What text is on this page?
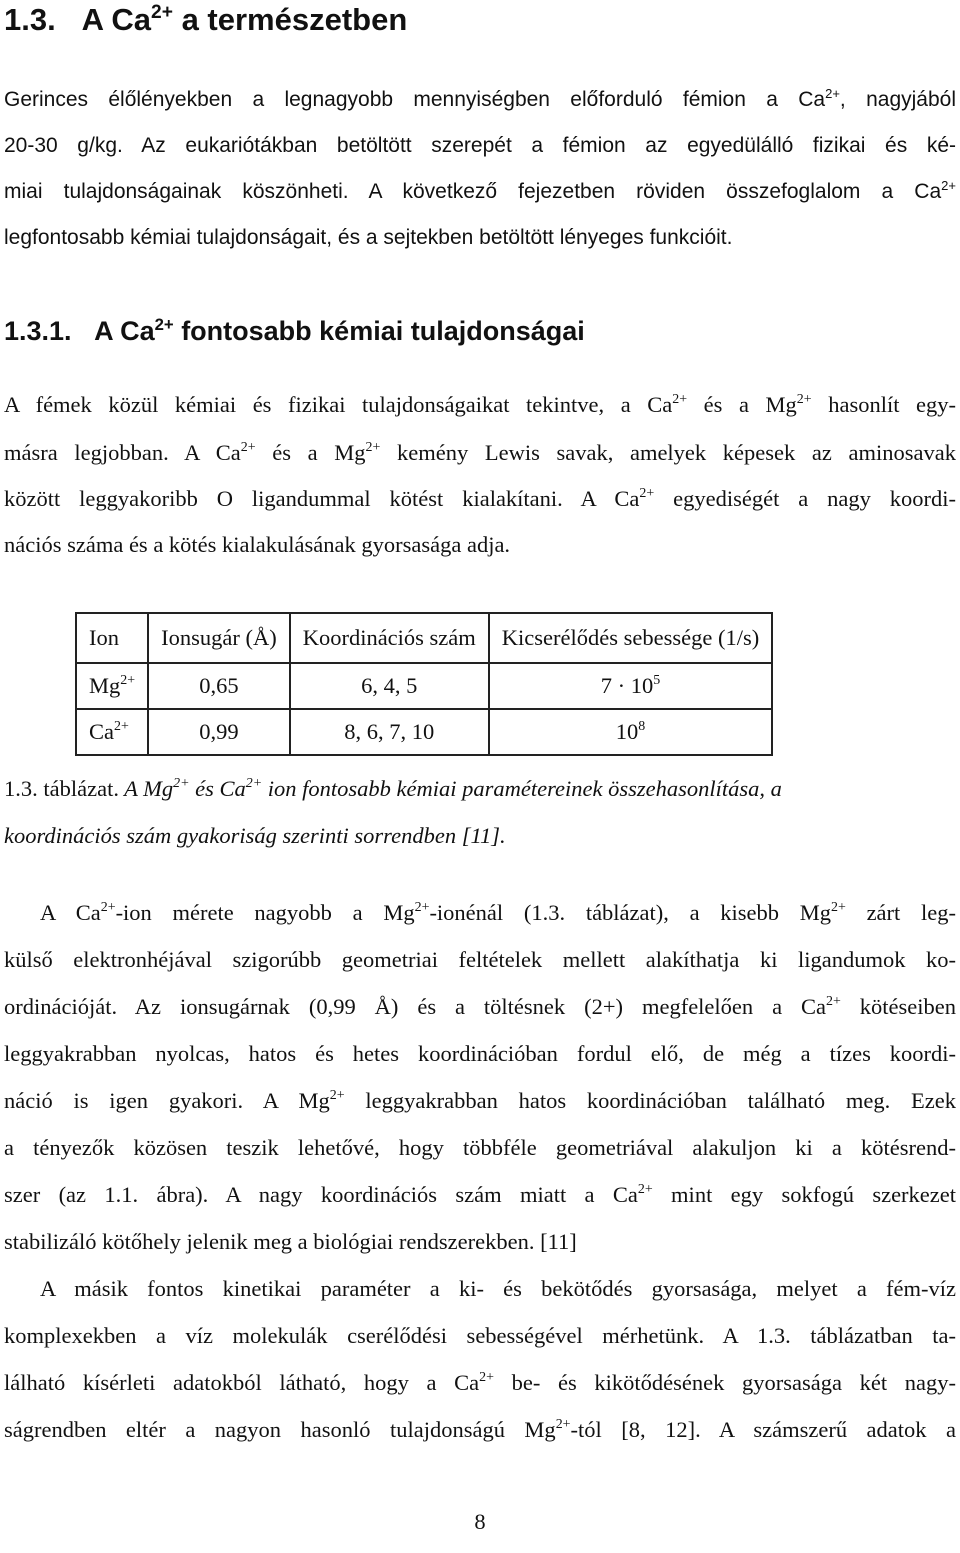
1.3. A $Ca^{2+}$ a természetben
Gerinces élőlényekben a legnagyobb mennyiségben előforduló fémion a $Ca^{2+}$, nagyjából
20-30 g/kg. Az eukariótákban betöltött szerepét a fémion az egyedülálló fizikai és ké-
miai tulajdonságainak köszönheti. A következő fejezetben röviden összefoglalom a $Ca^{2+}$
legfontosabb kémiai tulajdonságait, és a sejtekben betöltött lényeges funkcióit.
1.3.1. A $Ca^{2+}$ fontosabb kémiai tulajdonságai
A fémek közül kémiai és fizikai tulajdonságaikat tekintve, a $Ca^{2+}$ és a $Mg^{2+}$ hasonlít egy-
másra legjobban. A $Ca^{2+}$ és a $Mg^{2+}$ kemény Lewis savak, amelyek képesek az aminosavak
között leggyakoribb O ligandummal kötést kialakítani. A $Ca^{2+}$ egyediségét a nagy koordi-
nációs száma és a kötés kialakulásának gyorsasága adja.
Ion	Ionsugár (Å)	Koordinációs szám	Kicserélődés sebessége (1/s)
$Mg^{2+}$	0,65	6, 4, 5	$7 \cdot 10^5$
$Ca^{2+}$	0,99	8, 6, 7, 10	$10^8$
1.3. táblázat. A $Mg^{2+}$ és $Ca^{2+}$ ion fontosabb kémiai paramétereinek összehasonlítása, a
koordinációs szám gyakoriság szerinti sorrendben [11].
A $Ca^{2+}$-ion mérete nagyobb a $Mg^{2+}$-ionénál (1.3. táblázat), a kisebb $Mg^{2+}$ zárt leg-
külső elektronhéjával szigorúbb geometriai feltételek mellett alakíthatja ki ligandumok ko-
ordinációját. Az ionsugárnak (0,99 Å) és a töltésnek (2+) megfelelően a $Ca^{2+}$ kötéseiben
leggyakrabban nyolcas, hatos és hetes koordinációban fordul elő, de még a tízes koordi-
náció is igen gyakori. A $Mg^{2+}$ leggyakrabban hatos koordinációban található meg. Ezek
a tényezők közösen teszik lehetővé, hogy többféle geometriával alakuljon ki a kötésrend-
szer (az 1.1. ábra). A nagy koordinációs szám miatt a $Ca^{2+}$ mint egy sokfogú szerkezet
stabilizáló kötőhely jelenik meg a biológiai rendszerekben. [11]
A másik fontos kinetikai paraméter a ki- és bekötődés gyorsasága, melyet a fém-víz
komplexekben a víz molekulák cserélődési sebességével mérhetünk. A 1.3. táblázatban ta-
lálható kísérleti adatokból látható, hogy a $Ca^{2+}$ be- és kikötődésének gyorsasága két nagy-
ságrendben eltér a nagyon hasonló tulajdonságú $Mg^{2+}$-tól [8, 12]. A számszerű adatok a
8
